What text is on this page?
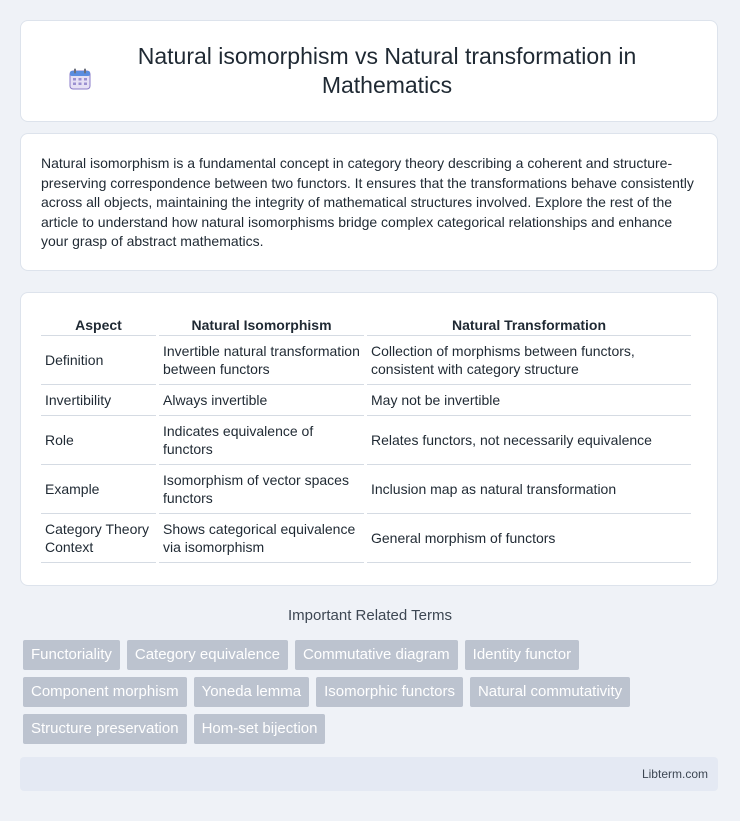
Natural isomorphism vs Natural transformation in Mathematics

Natural isomorphism is a fundamental concept in category theory describing a coherent and structure-preserving correspondence between two functors. It ensures that the transformations behave consistently across all objects, maintaining the integrity of mathematical structures involved. Explore the rest of the article to understand how natural isomorphisms bridge complex categorical relationships and enhance your grasp of abstract mathematics.

Aspect	Natural Isomorphism	Natural Transformation
Definition	Invertible natural transformation between functors	Collection of morphisms between functors, consistent with category structure
Invertibility	Always invertible	May not be invertible
Role	Indicates equivalence of functors	Relates functors, not necessarily equivalence
Example	Isomorphism of vector spaces functors	Inclusion map as natural transformation
Category Theory Context	Shows categorical equivalence via isomorphism	General morphism of functors
Important Related Terms
Functoriality	Category equivalence	Commutative diagram	Identity functor
Component morphism	Yoneda lemma	Isomorphic functors	Natural commutativity
Structure preservation	Hom-set bijection
Libterm.com
